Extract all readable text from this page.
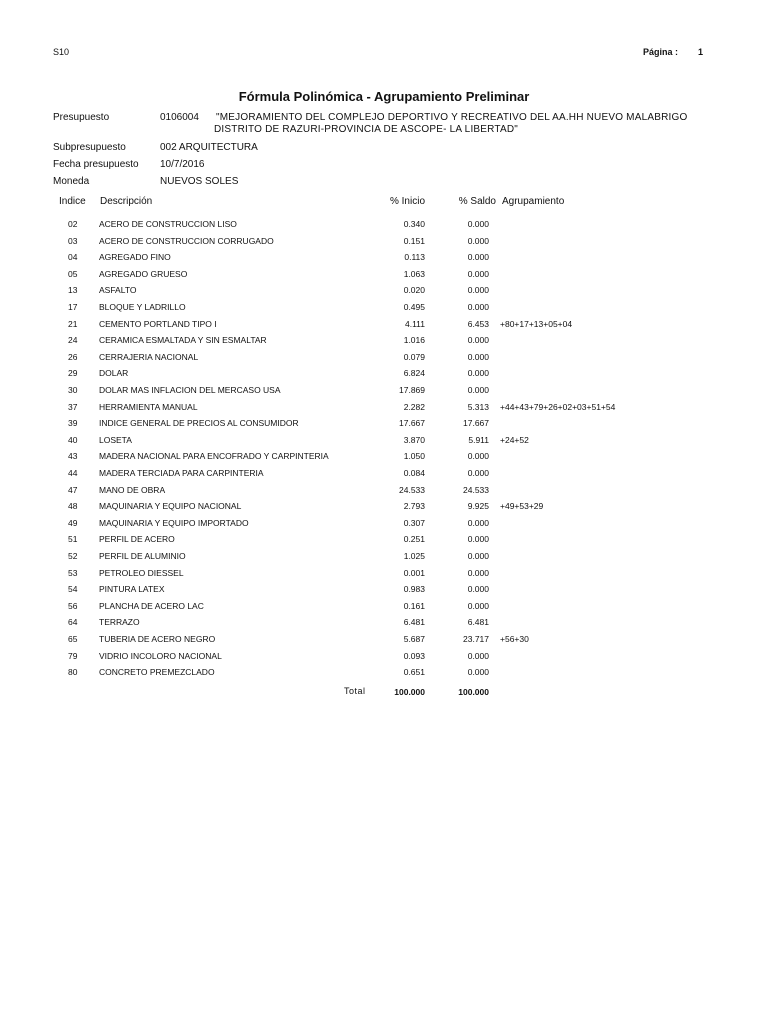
S10	Página : 1
Fórmula Polinómica - Agrupamiento Preliminar
Presupuesto	0106004 "MEJORAMIENTO DEL COMPLEJO DEPORTIVO Y RECREATIVO DEL AA.HH NUEVO MALABRIGO
DISTRITO DE RAZURI-PROVINCIA DE ASCOPE- LA LIBERTAD"
Subpresupuesto	002 ARQUITECTURA
Fecha presupuesto 10/7/2016
Moneda	NUEVOS SOLES
Indice Descripción	% Inicio	% Saldo Agrupamiento
02	ACERO DE CONSTRUCCION LISO	0.340	0.000
03	ACERO DE CONSTRUCCION CORRUGADO	0.151	0.000
04	AGREGADO FINO	0.113	0.000
05	AGREGADO GRUESO	1.063	0.000
13	ASFALTO	0.020	0.000
17	BLOQUE Y LADRILLO	0.495	0.000
21	CEMENTO PORTLAND TIPO I	4.111	6.453 +80+17+13+05+04
24	CERAMICA ESMALTADA Y SIN ESMALTAR	1.016	0.000
26	CERRAJERIA NACIONAL	0.079	0.000
29	DOLAR	6.824	0.000
30	DOLAR MAS INFLACION DEL MERCASO USA	17.869	0.000
37	HERRAMIENTA MANUAL	2.282	5.313 +44+43+79+26+02+03+51+54
39	INDICE GENERAL DE PRECIOS AL CONSUMIDOR	17.667	17.667
40	LOSETA	3.870	5.911 +24+52
43	MADERA NACIONAL PARA ENCOFRADO Y CARPINTERIA	1.050	0.000
44	MADERA TERCIADA PARA CARPINTERIA	0.084	0.000
47	MANO DE OBRA	24.533	24.533
48	MAQUINARIA Y EQUIPO NACIONAL	2.793	9.925 +49+53+29
49	MAQUINARIA Y EQUIPO IMPORTADO	0.307	0.000
51	PERFIL DE ACERO	0.251	0.000
52	PERFIL DE ALUMINIO	1.025	0.000
53	PETROLEO DIESSEL	0.001	0.000
54	PINTURA LATEX	0.983	0.000
56	PLANCHA DE ACERO LAC	0.161	0.000
64	TERRAZO	6.481	6.481
65	TUBERIA DE ACERO NEGRO	5.687	23.717 +56+30
79	VIDRIO INCOLORO NACIONAL	0.093	0.000
80	CONCRETO PREMEZCLADO	0.651	0.000
Total	100.000	100.000
